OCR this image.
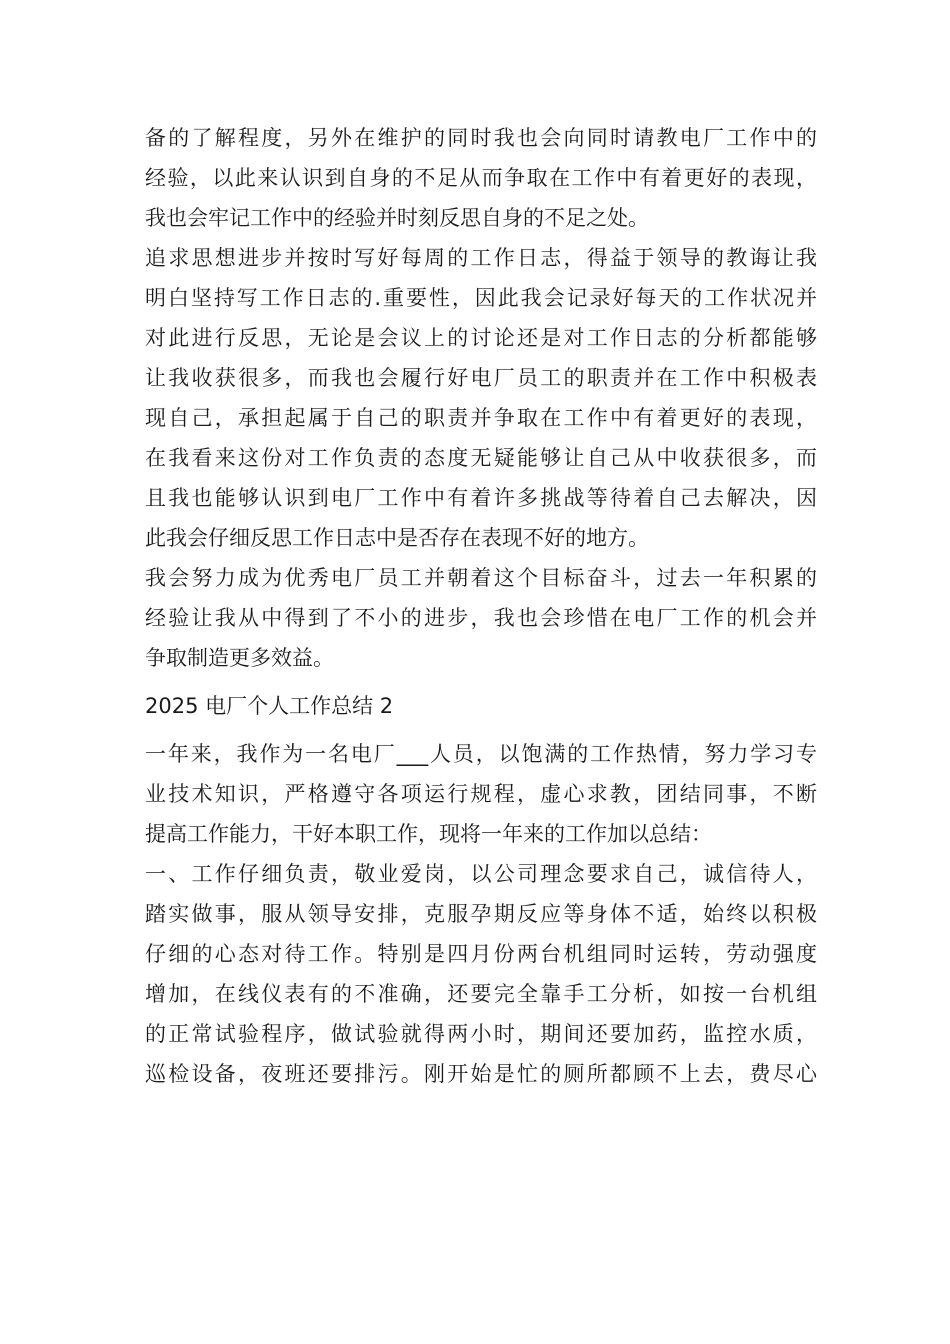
备的了解程度，另外在维护的同时我也会向同时请教电厂工作中的
经验，以此来认识到自身的不足从而争取在工作中有着更好的表现，
我也会牢记工作中的经验并时刻反思自身的不足之处。
追求思想进步并按时写好每周的工作日志，得益于领导的教诲让我
明白坚持写工作日志的.重要性，因此我会记录好每天的工作状况并
对此进行反思，无论是会议上的讨论还是对工作日志的分析都能够
让我收获很多，而我也会履行好电厂员工的职责并在工作中积极表
现自己，承担起属于自己的职责并争取在工作中有着更好的表现，
在我看来这份对工作负责的态度无疑能够让自己从中收获很多，而
且我也能够认识到电厂工作中有着许多挑战等待着自己去解决，因
此我会仔细反思工作日志中是否存在表现不好的地方。
我会努力成为优秀电厂员工并朝着这个目标奋斗，过去一年积累的
经验让我从中得到了不小的进步，我也会珍惜在电厂工作的机会并
争取制造更多效益。
2025 电厂个人工作总结 2
一年来，我作为一名电厂___人员，以饱满的工作热情，努力学习专
业技术知识，严格遵守各项运行规程，虚心求教，团结同事，不断
提高工作能力，干好本职工作，现将一年来的工作加以总结：
一、工作仔细负责，敬业爱岗，以公司理念要求自己，诚信待人，
踏实做事，服从领导安排，克服孕期反应等身体不适，始终以积极
仔细的心态对待工作。特别是四月份两台机组同时运转，劳动强度
增加，在线仪表有的不准确，还要完全靠手工分析，如按一台机组
的正常试验程序，做试验就得两小时，期间还要加药，监控水质，
巡检设备，夜班还要排污。刚开始是忙的厕所都顾不上去，费尽心
